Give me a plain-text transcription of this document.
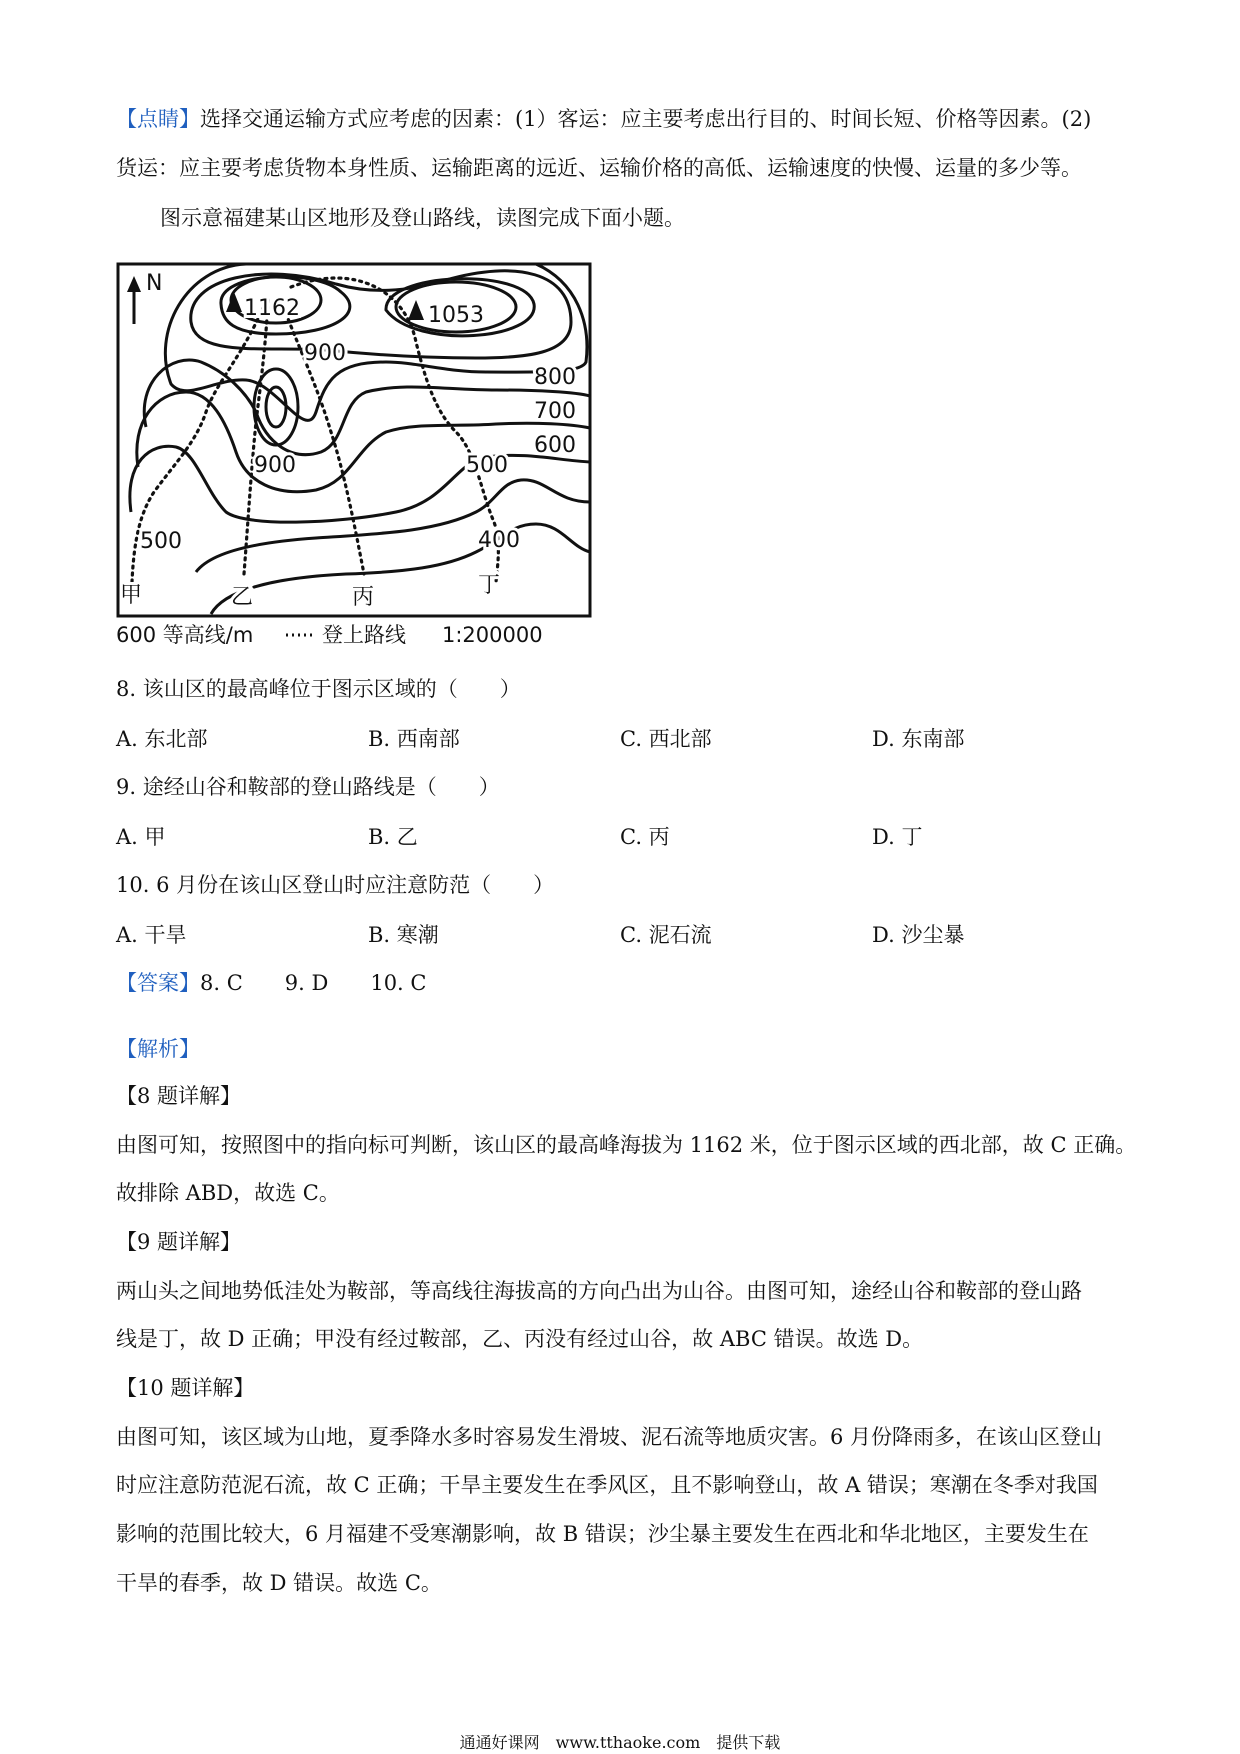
【点睛】选择交通运输方式应考虑的因素：(1）客运：应主要考虑出行目的、时间长短、价格等因素。(2)
货运：应主要考虑货物本身性质、运输距离的远近、运输价格的高低、运输速度的快慢、运量的多少等。
图示意福建某山区地形及登山路线，读图完成下面小题。
N
1162	1053
900
800
700
600
500
900	500
400
甲	乙	丙	丁
600 等高线/m	登上路线 1:200000
8. 该山区的最高峰位于图示区域的（　　）
A. 东北部	B. 西南部	C. 西北部	D. 东南部
9. 途经山谷和鞍部的登山路线是（　　）
A. 甲	B. 乙	C. 丙	D. 丁
10. 6 月份在该山区登山时应注意防范（　　）
A. 干旱	B. 寒潮	C. 泥石流	D. 沙尘暴
【答案】8. C　　9. D　　10. C
【解析】
【8 题详解】
由图可知，按照图中的指向标可判断，该山区的最高峰海拔为 1162 米，位于图示区域的西北部，故 C 正确。
故排除 ABD，故选 C。
【9 题详解】
两山头之间地势低洼处为鞍部，等高线往海拔高的方向凸出为山谷。由图可知，途经山谷和鞍部的登山路
线是丁，故 D 正确；甲没有经过鞍部，乙、丙没有经过山谷，故 ABC 错误。故选 D。
【10 题详解】
由图可知，该区域为山地，夏季降水多时容易发生滑坡、泥石流等地质灾害。6 月份降雨多，在该山区登山
时应注意防范泥石流，故 C 正确；干旱主要发生在季风区，且不影响登山，故 A 错误；寒潮在冬季对我国
影响的范围比较大，6 月福建不受寒潮影响，故 B 错误；沙尘暴主要发生在西北和华北地区，主要发生在
干旱的春季，故 D 错误。故选 C。
通通好课网　www.tthaoke.com　提供下载
